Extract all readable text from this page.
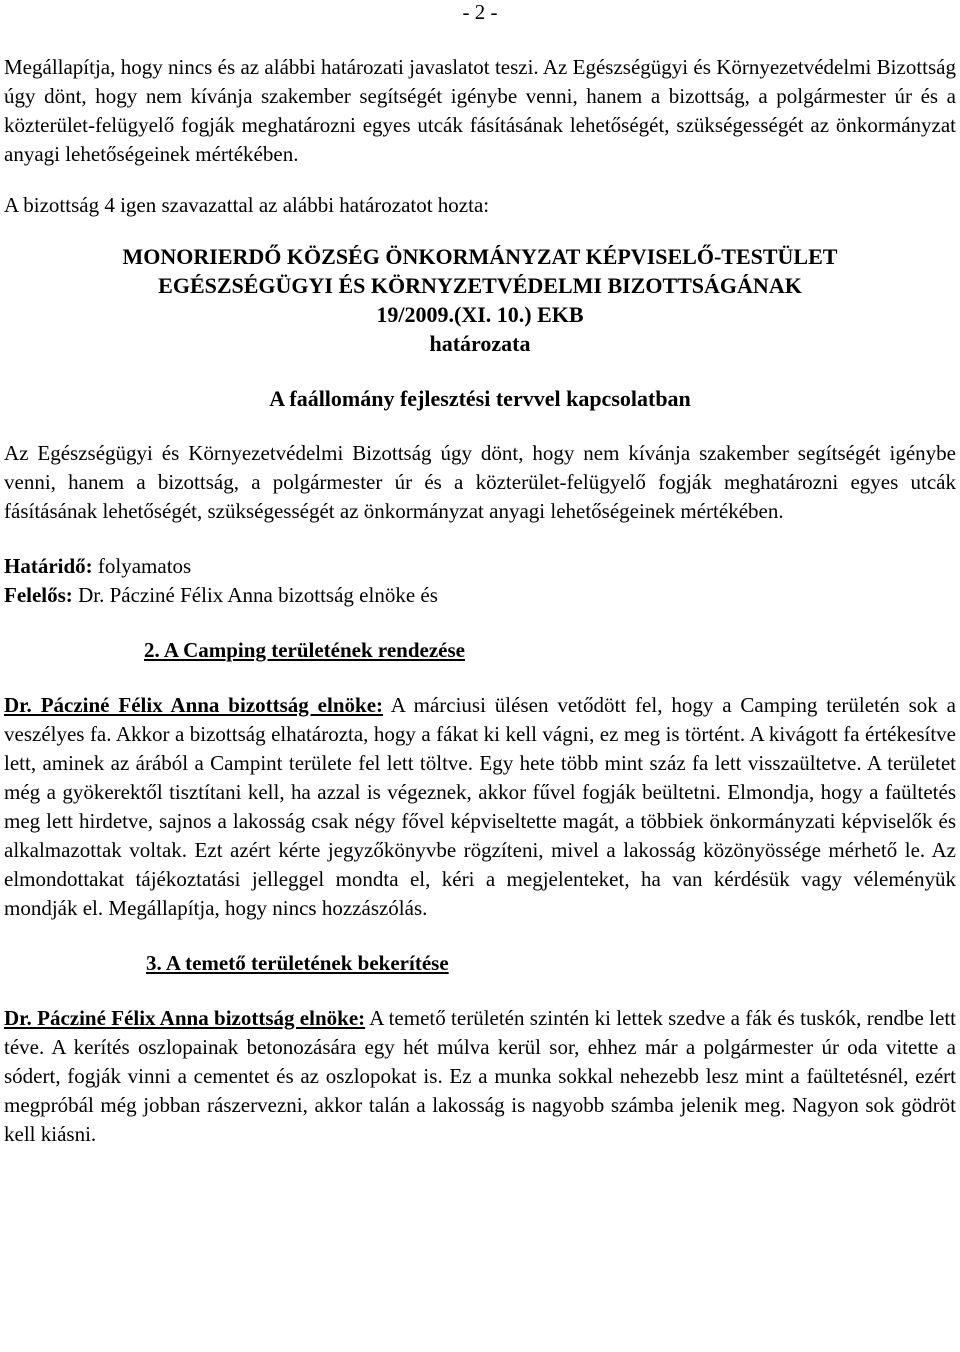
- 2 -

Megállapítja, hogy nincs és az alábbi határozati javaslatot teszi. Az Egészségügyi és Környezetvédelmi Bizottság úgy dönt, hogy nem kívánja szakember segítségét igénybe venni, hanem a bizottság, a polgármester úr és a közterület-felügyelő fogják meghatározni egyes utcák fásításának lehetőségét, szükségességét az önkormányzat anyagi lehetőségeinek mértékében.

A bizottság 4 igen szavazattal az alábbi határozatot hozta:

MONORIERDŐ KÖZSÉG ÖNKORMÁNYZAT KÉPVISELŐ-TESTÜLET

EGÉSZSÉGÜGYI ÉS KÖRNYZETVÉDELMI BIZOTTSÁGÁNAK

19/2009.(XI. 10.) EKB

határozata

A faállomány fejlesztési tervvel kapcsolatban

Az Egészségügyi és Környezetvédelmi Bizottság úgy dönt, hogy nem kívánja szakember segítségét igénybe venni, hanem a bizottság, a polgármester úr és a közterület-felügyelő fogják meghatározni egyes utcák fásításának lehetőségét, szükségességét az önkormányzat anyagi lehetőségeinek mértékében.

Határidő: folyamatos

Felelős: Dr. Pácziné Félix Anna bizottság elnöke és

2. A Camping területének rendezése

Dr. Pácziné Félix Anna bizottság elnöke: A márciusi ülésen vetődött fel, hogy a Camping területén sok a veszélyes fa. Akkor a bizottság elhatározta, hogy a fákat ki kell vágni, ez meg is történt. A kivágott fa értékesítve lett, aminek az árából a Campint területe fel lett töltve. Egy hete több mint száz fa lett visszaültetve. A területet még a gyökerektől tisztítani kell, ha azzal is végeznek, akkor fűvel fogják beültetni. Elmondja, hogy a faültetés meg lett hirdetve, sajnos a lakosság csak négy fővel képviseltette magát, a többiek önkormányzati képviselők és alkalmazottak voltak. Ezt azért kérte jegyzőkönyvbe rögzíteni, mivel a lakosság közönyössége mérhető le. Az elmondottakat tájékoztatási jelleggel mondta el, kéri a megjelenteket, ha van kérdésük vagy véleményük mondják el. Megállapítja, hogy nincs hozzászólás.

3. A temető területének bekerítése

Dr. Pácziné Félix Anna bizottság elnöke: A temető területén szintén ki lettek szedve a fák és tuskók, rendbe lett téve. A kerítés oszlopainak betonozására egy hét múlva kerül sor, ehhez már a polgármester úr oda vitette a sódert, fogják vinni a cementet és az oszlopokat is. Ez a munka sokkal nehezebb lesz mint a faültetésnél, ezért megpróbál még jobban rászervezni, akkor talán a lakosság is nagyobb számba jelenik meg. Nagyon sok gödröt kell kiásni.
